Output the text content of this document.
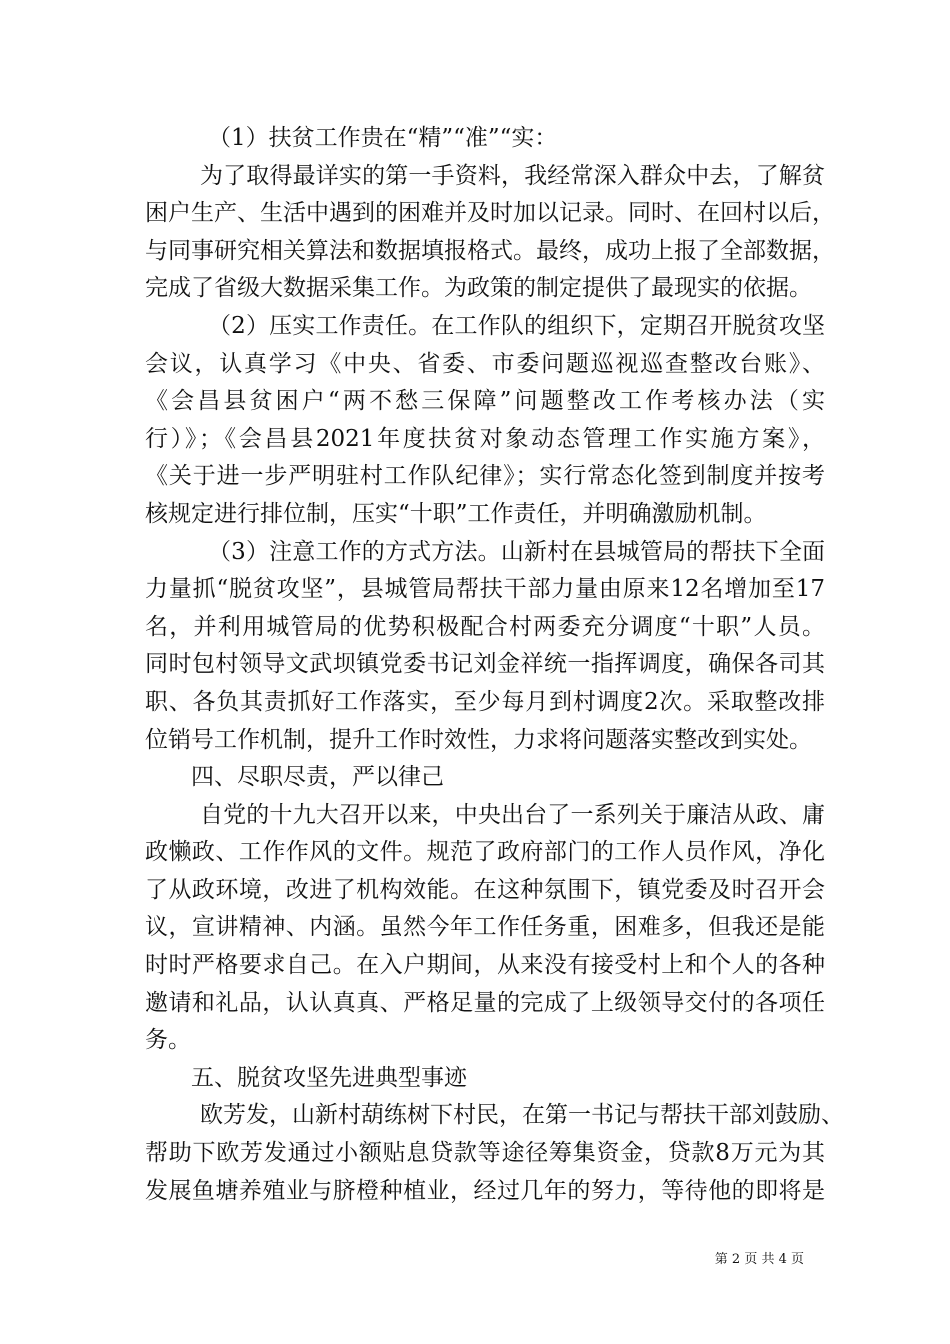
（1）扶贫工作贵在“精”“准”“实：
为了取得最详实的第一手资料，我经常深入群众中去，了解贫
困户生产、生活中遇到的困难并及时加以记录。同时、在回村以后，
与同事研究相关算法和数据填报格式。最终，成功上报了全部数据，
完成了省级大数据采集工作。为政策的制定提供了最现实的依据。
（2）压实工作责任。在工作队的组织下，定期召开脱贫攻坚
会议，认真学习《中央、省委、市委问题巡视巡查整改台账》、
《会昌县贫困户“两不愁三保障”问题整改工作考核办法（实
行）》；《会昌县2021年度扶贫对象动态管理工作实施方案》，
《关于进一步严明驻村工作队纪律》；实行常态化签到制度并按考
核规定进行排位制，压实“十职”工作责任，并明确激励机制。
（3）注意工作的方式方法。山新村在县城管局的帮扶下全面
力量抓“脱贫攻坚”，县城管局帮扶干部力量由原来12名增加至17
名，并利用城管局的优势积极配合村两委充分调度“十职”人员。
同时包村领导文武坝镇党委书记刘金祥统一指挥调度，确保各司其
职、各负其责抓好工作落实，至少每月到村调度2次。采取整改排
位销号工作机制，提升工作时效性，力求将问题落实整改到实处。
四、尽职尽责，严以律己
自党的十九大召开以来，中央出台了一系列关于廉洁从政、庸
政懒政、工作作风的文件。规范了政府部门的工作人员作风，净化
了从政环境，改进了机构效能。在这种氛围下，镇党委及时召开会
议，宣讲精神、内涵。虽然今年工作任务重，困难多，但我还是能
时时严格要求自己。在入户期间，从来没有接受村上和个人的各种
邀请和礼品，认认真真、严格足量的完成了上级领导交付的各项任
务。
五、脱贫攻坚先进典型事迹
欧芳发，山新村葫练树下村民，在第一书记与帮扶干部刘鼓励、
帮助下欧芳发通过小额贴息贷款等途径筹集资金，贷款8万元为其
发展鱼塘养殖业与脐橙种植业，经过几年的努力，等待他的即将是
第 2 页 共 4 页
